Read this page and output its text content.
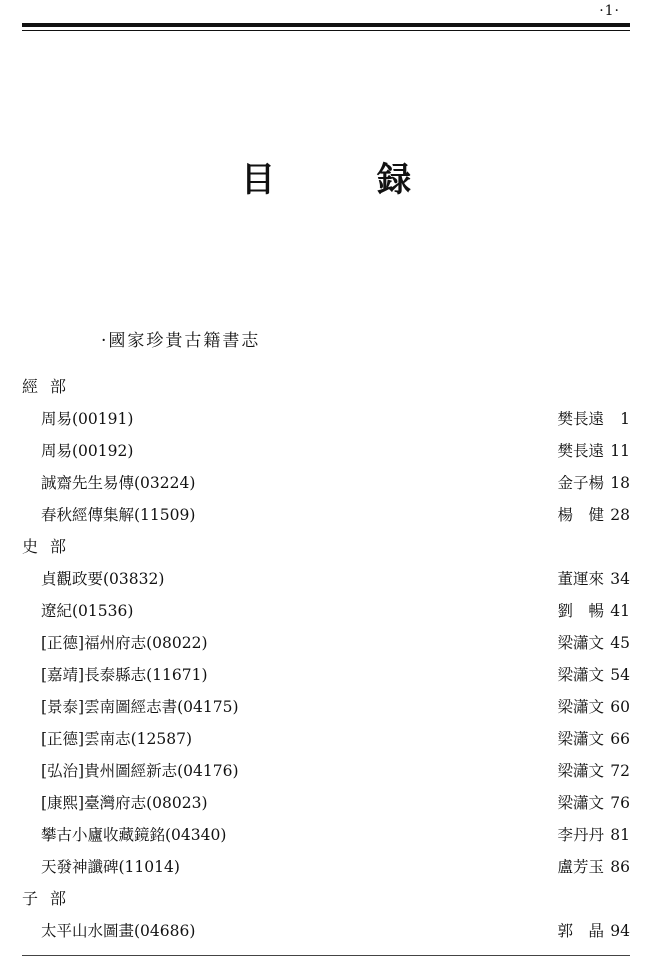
·1·
目　録
·國家珍貴古籍書志
經部
周易(00191)	樊長遠	1
周易(00192)	樊長遠 11
誠齋先生易傳(03224)	金子楊 18
春秋經傳集解(11509)	楊　健 28
史部
貞觀政要(03832)	董運來 34
遼紀(01536)	劉　暢 41
[正德]福州府志(08022)	梁瀟文 45
[嘉靖]長泰縣志(11671)	梁瀟文 54
[景泰]雲南圖經志書(04175)	梁瀟文 60
[正德]雲南志(12587)	梁瀟文 66
[弘治]貴州圖經新志(04176)	梁瀟文 72
[康熙]臺灣府志(08023)	梁瀟文 76
攀古小廬收藏鏡銘(04340)	李丹丹 81
天發神讖碑(11014)	盧芳玉 86
子部
太平山水圖畫(04686)	郭　晶 94
